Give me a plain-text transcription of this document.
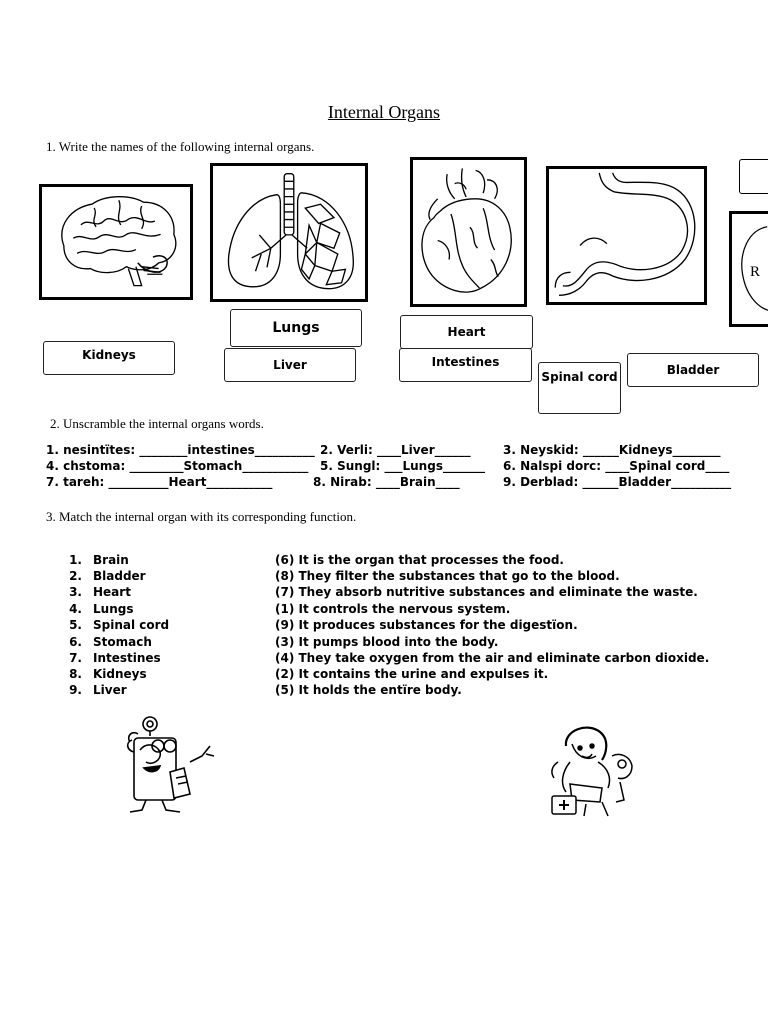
Internal Organs
1. Write the names of the following internal organs.
R
Kidneys
Lungs
Liver
Heart
Intestines
Spinal cord	Bladder
2. Unscramble the internal organs words.
1. nesintïtes: ________intestines__________ 2. Verli: ____Liver______	3. Neyskid: ______Kidneys________
4. chstoma: _________Stomach___________ 5. Sungl: ___Lungs_______ 6. Nalspi dorc: ____Spinal cord____
7. tareh: __________Heart___________	8. Nirab: ____Brain____	9. Derblad: ______Bladder__________
3. Match the internal organ with its corresponding function.
1. Brain	(6) It is the organ that processes the food.
2. Bladder	(8) They filter the substances that go to the blood.
3. Heart	(7) They absorb nutritive substances and eliminate the waste.
4. Lungs	(1) It controls the nervous system.
5. Spinal cord	(9) It produces substances for the digestïon.
6. Stomach	(3) It pumps blood into the body.
7. Intestines	(4) They take oxygen from the air and eliminate carbon dioxide.
8. Kidneys	(2) It contains the urine and expulses it.
9. Liver	(5) It holds the entïre body.
